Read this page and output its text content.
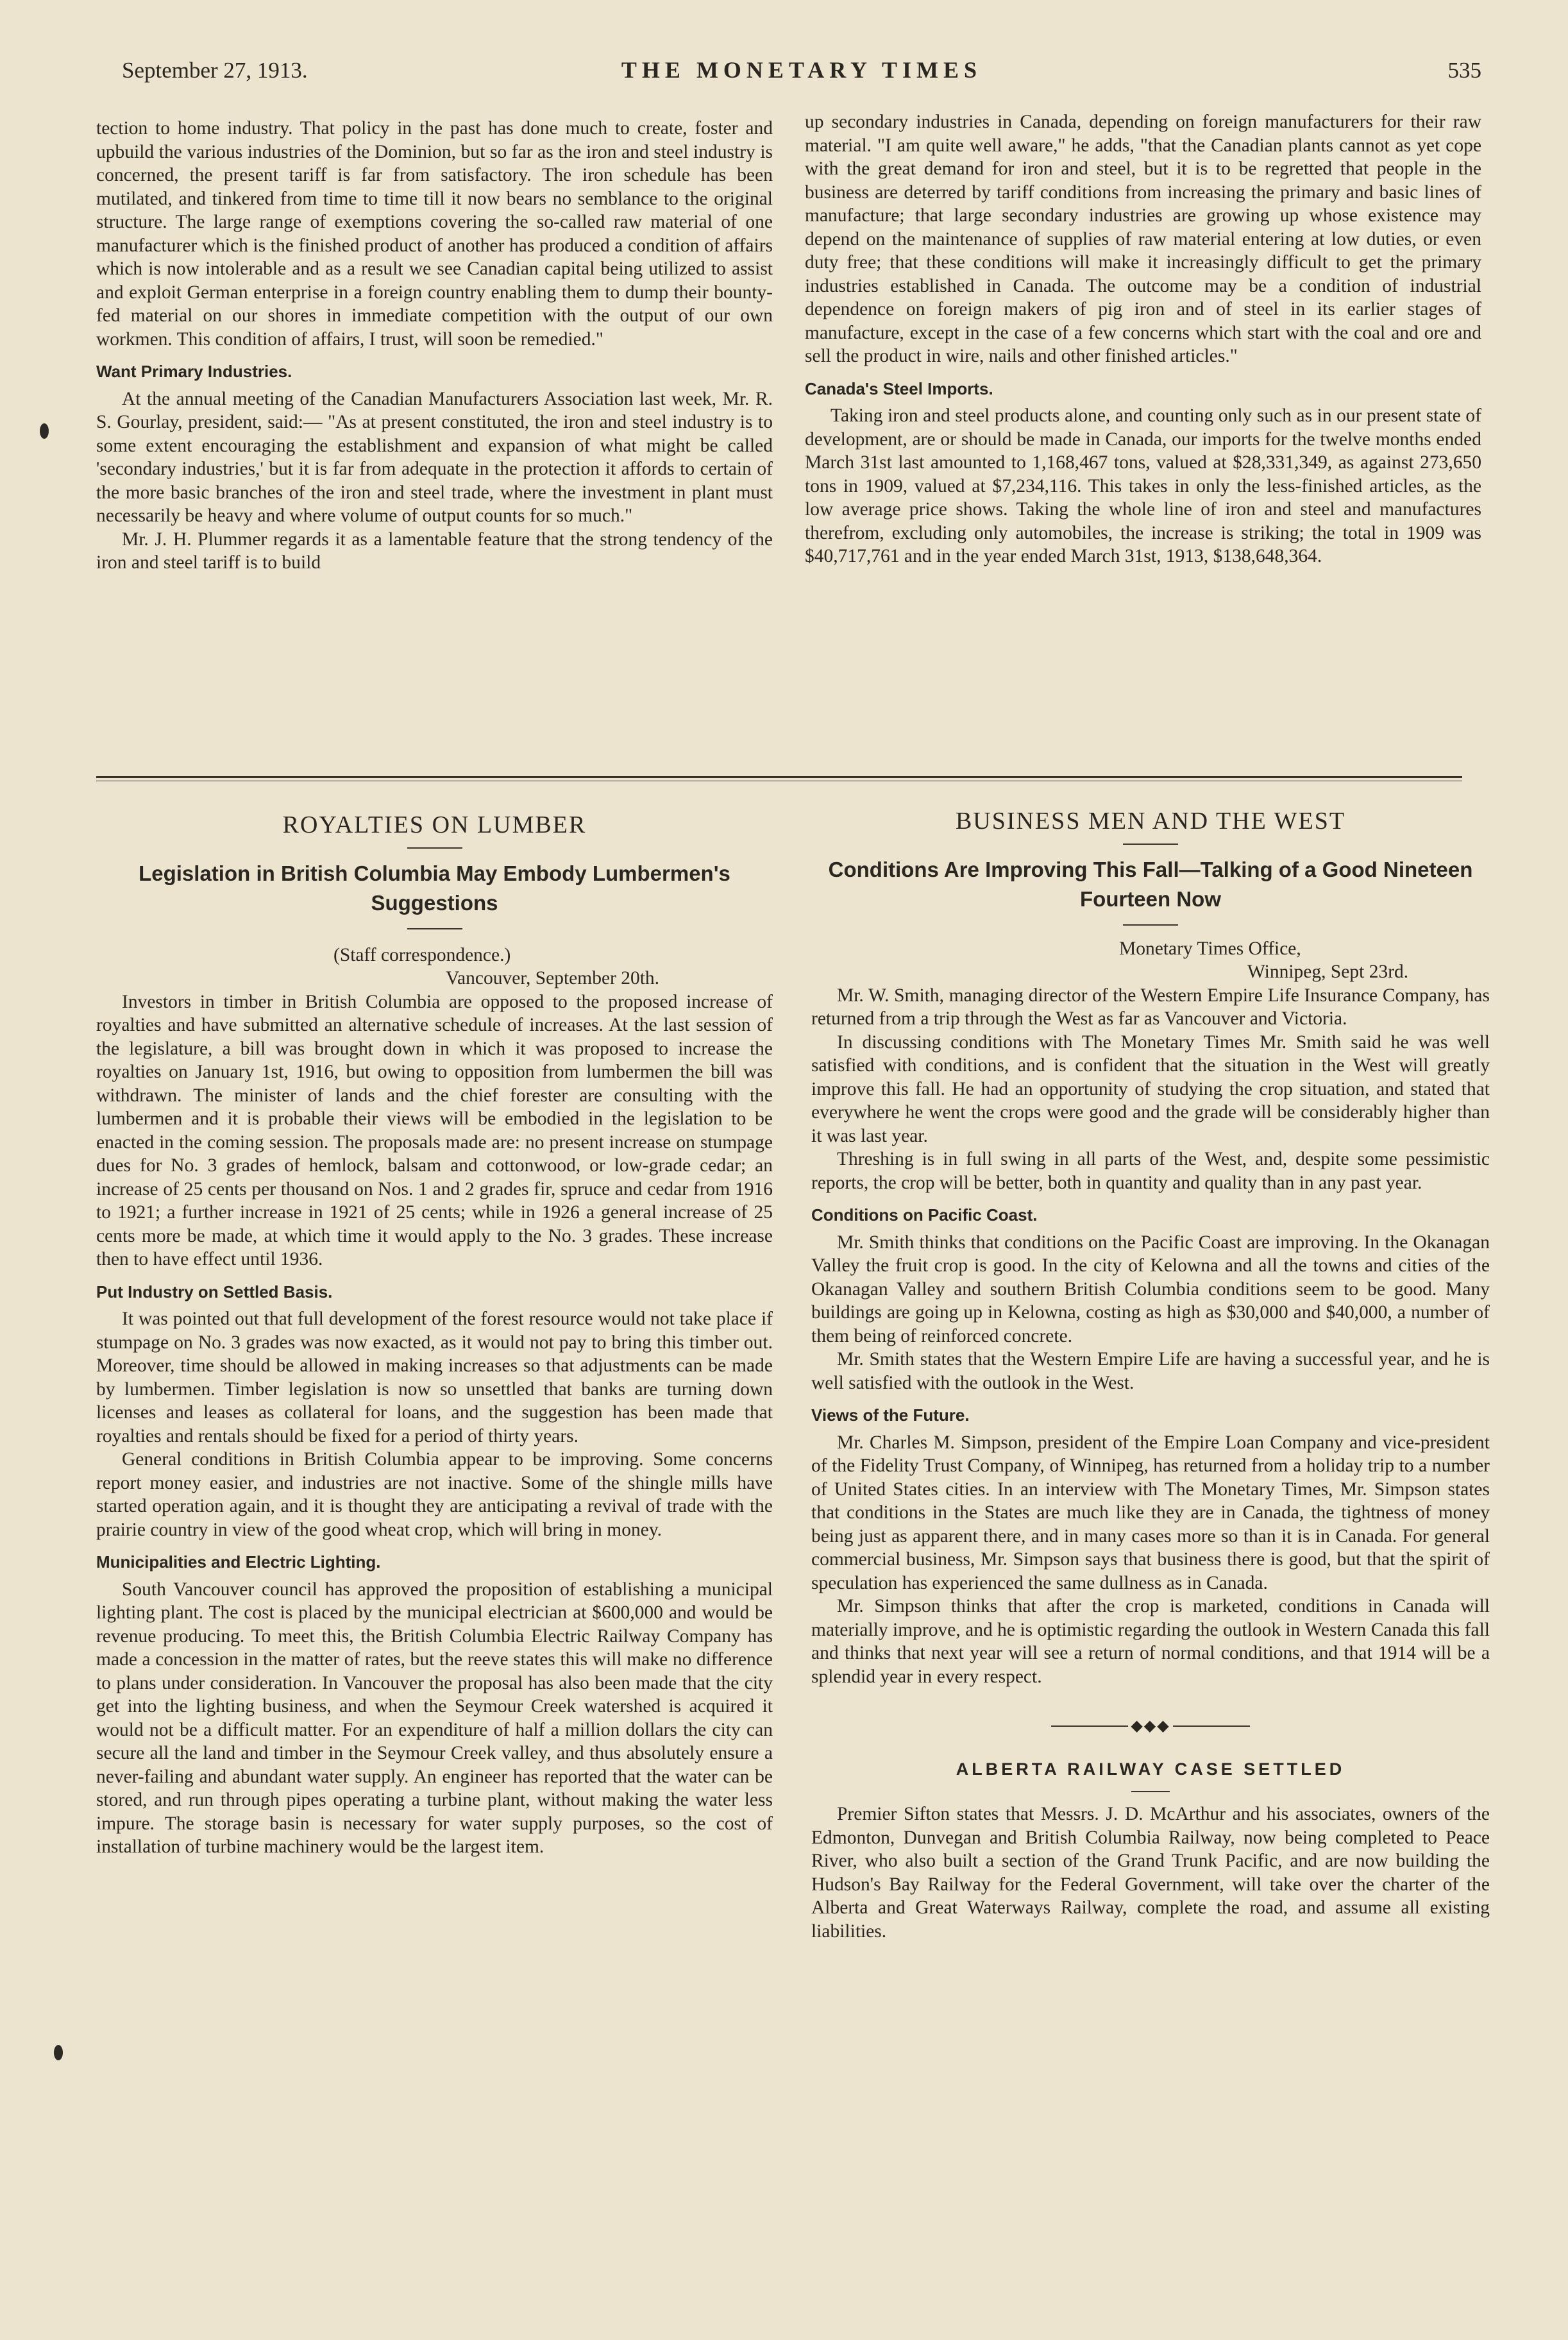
September 27, 1913.	THE MONETARY TIMES	535

tection to home industry. That policy in the past has done much to create, foster and upbuild the various industries of the Dominion, but so far as the iron and steel industry is concerned, the present tariff is far from satisfactory. The iron schedule has been mutilated, and tinkered from time to time till it now bears no semblance to the original structure. The large range of exemptions covering the so-called raw material of one manufacturer which is the finished product of another has produced a condition of affairs which is now intolerable and as a result we see Canadian capital being utilized to assist and exploit German enterprise in a foreign country enabling them to dump their bounty-fed material on our shores in immediate competition with the output of our own workmen. This condition of affairs, I trust, will soon be remedied."

Want Primary Industries.

At the annual meeting of the Canadian Manufacturers Association last week, Mr. R. S. Gourlay, president, said:— "As at present constituted, the iron and steel industry is to some extent encouraging the establishment and expansion of what might be called 'secondary industries,' but it is far from adequate in the protection it affords to certain of the more basic branches of the iron and steel trade, where the investment in plant must necessarily be heavy and where volume of output counts for so much."

Mr. J. H. Plummer regards it as a lamentable feature that the strong tendency of the iron and steel tariff is to build

up secondary industries in Canada, depending on foreign manufacturers for their raw material. "I am quite well aware," he adds, "that the Canadian plants cannot as yet cope with the great demand for iron and steel, but it is to be regretted that people in the business are deterred by tariff conditions from increasing the primary and basic lines of manufacture; that large secondary industries are growing up whose existence may depend on the maintenance of supplies of raw material entering at low duties, or even duty free; that these conditions will make it increasingly difficult to get the primary industries established in Canada. The outcome may be a condition of industrial dependence on foreign makers of pig iron and of steel in its earlier stages of manufacture, except in the case of a few concerns which start with the coal and ore and sell the product in wire, nails and other finished articles."

Canada's Steel Imports.

Taking iron and steel products alone, and counting only such as in our present state of development, are or should be made in Canada, our imports for the twelve months ended March 31st last amounted to 1,168,467 tons, valued at $28,331,349, as against 273,650 tons in 1909, valued at $7,234,116. This takes in only the less-finished articles, as the low average price shows. Taking the whole line of iron and steel and manufactures therefrom, excluding only automobiles, the increase is striking; the total in 1909 was $40,717,761 and in the year ended March 31st, 1913, $138,648,364.

ROYALTIES ON LUMBER
Legislation in British Columbia May Embody Lumbermen's Suggestions

(Staff correspondence.)

Vancouver, September 20th.

Investors in timber in British Columbia are opposed to the proposed increase of royalties and have submitted an alternative schedule of increases. At the last session of the legislature, a bill was brought down in which it was proposed to increase the royalties on January 1st, 1916, but owing to opposition from lumbermen the bill was withdrawn. The minister of lands and the chief forester are consulting with the lumbermen and it is probable their views will be embodied in the legislation to be enacted in the coming session. The proposals made are: no present increase on stumpage dues for No. 3 grades of hemlock, balsam and cottonwood, or low-grade cedar; an increase of 25 cents per thousand on Nos. 1 and 2 grades fir, spruce and cedar from 1916 to 1921; a further increase in 1921 of 25 cents; while in 1926 a general increase of 25 cents more be made, at which time it would apply to the No. 3 grades. These increase then to have effect until 1936.

Put Industry on Settled Basis.

It was pointed out that full development of the forest resource would not take place if stumpage on No. 3 grades was now exacted, as it would not pay to bring this timber out. Moreover, time should be allowed in making increases so that adjustments can be made by lumbermen. Timber legislation is now so unsettled that banks are turning down licenses and leases as collateral for loans, and the suggestion has been made that royalties and rentals should be fixed for a period of thirty years.

General conditions in British Columbia appear to be improving. Some concerns report money easier, and industries are not inactive. Some of the shingle mills have started operation again, and it is thought they are anticipating a revival of trade with the prairie country in view of the good wheat crop, which will bring in money.

Municipalities and Electric Lighting.

South Vancouver council has approved the proposition of establishing a municipal lighting plant. The cost is placed by the municipal electrician at $600,000 and would be revenue producing. To meet this, the British Columbia Electric Railway Company has made a concession in the matter of rates, but the reeve states this will make no difference to plans under consideration. In Vancouver the proposal has also been made that the city get into the lighting business, and when the Seymour Creek watershed is acquired it would not be a difficult matter. For an expenditure of half a million dollars the city can secure all the land and timber in the Seymour Creek valley, and thus absolutely ensure a never-failing and abundant water supply. An engineer has reported that the water can be stored, and run through pipes operating a turbine plant, without making the water less impure. The storage basin is necessary for water supply purposes, so the cost of installation of turbine machinery would be the largest item.

BUSINESS MEN AND THE WEST
Conditions Are Improving This Fall—Talking of a Good Nineteen Fourteen Now

Monetary Times Office,

Winnipeg, Sept 23rd.

Mr. W. Smith, managing director of the Western Empire Life Insurance Company, has returned from a trip through the West as far as Vancouver and Victoria.

In discussing conditions with The Monetary Times Mr. Smith said he was well satisfied with conditions, and is confident that the situation in the West will greatly improve this fall. He had an opportunity of studying the crop situation, and stated that everywhere he went the crops were good and the grade will be considerably higher than it was last year.

Threshing is in full swing in all parts of the West, and, despite some pessimistic reports, the crop will be better, both in quantity and quality than in any past year.

Conditions on Pacific Coast.

Mr. Smith thinks that conditions on the Pacific Coast are improving. In the Okanagan Valley the fruit crop is good. In the city of Kelowna and all the towns and cities of the Okanagan Valley and southern British Columbia conditions seem to be good. Many buildings are going up in Kelowna, costing as high as $30,000 and $40,000, a number of them being of reinforced concrete.

Mr. Smith states that the Western Empire Life are having a successful year, and he is well satisfied with the outlook in the West.

Views of the Future.

Mr. Charles M. Simpson, president of the Empire Loan Company and vice-president of the Fidelity Trust Company, of Winnipeg, has returned from a holiday trip to a number of United States cities. In an interview with The Monetary Times, Mr. Simpson states that conditions in the States are much like they are in Canada, the tightness of money being just as apparent there, and in many cases more so than it is in Canada. For general commercial business, Mr. Simpson says that business there is good, but that the spirit of speculation has experienced the same dullness as in Canada.

Mr. Simpson thinks that after the crop is marketed, conditions in Canada will materially improve, and he is optimistic regarding the outlook in Western Canada this fall and thinks that next year will see a return of normal conditions, and that 1914 will be a splendid year in every respect.

◆◆◆
ALBERTA RAILWAY CASE SETTLED

Premier Sifton states that Messrs. J. D. McArthur and his associates, owners of the Edmonton, Dunvegan and British Columbia Railway, now being completed to Peace River, who also built a section of the Grand Trunk Pacific, and are now building the Hudson's Bay Railway for the Federal Government, will take over the charter of the Alberta and Great Waterways Railway, complete the road, and assume all existing liabilities.
